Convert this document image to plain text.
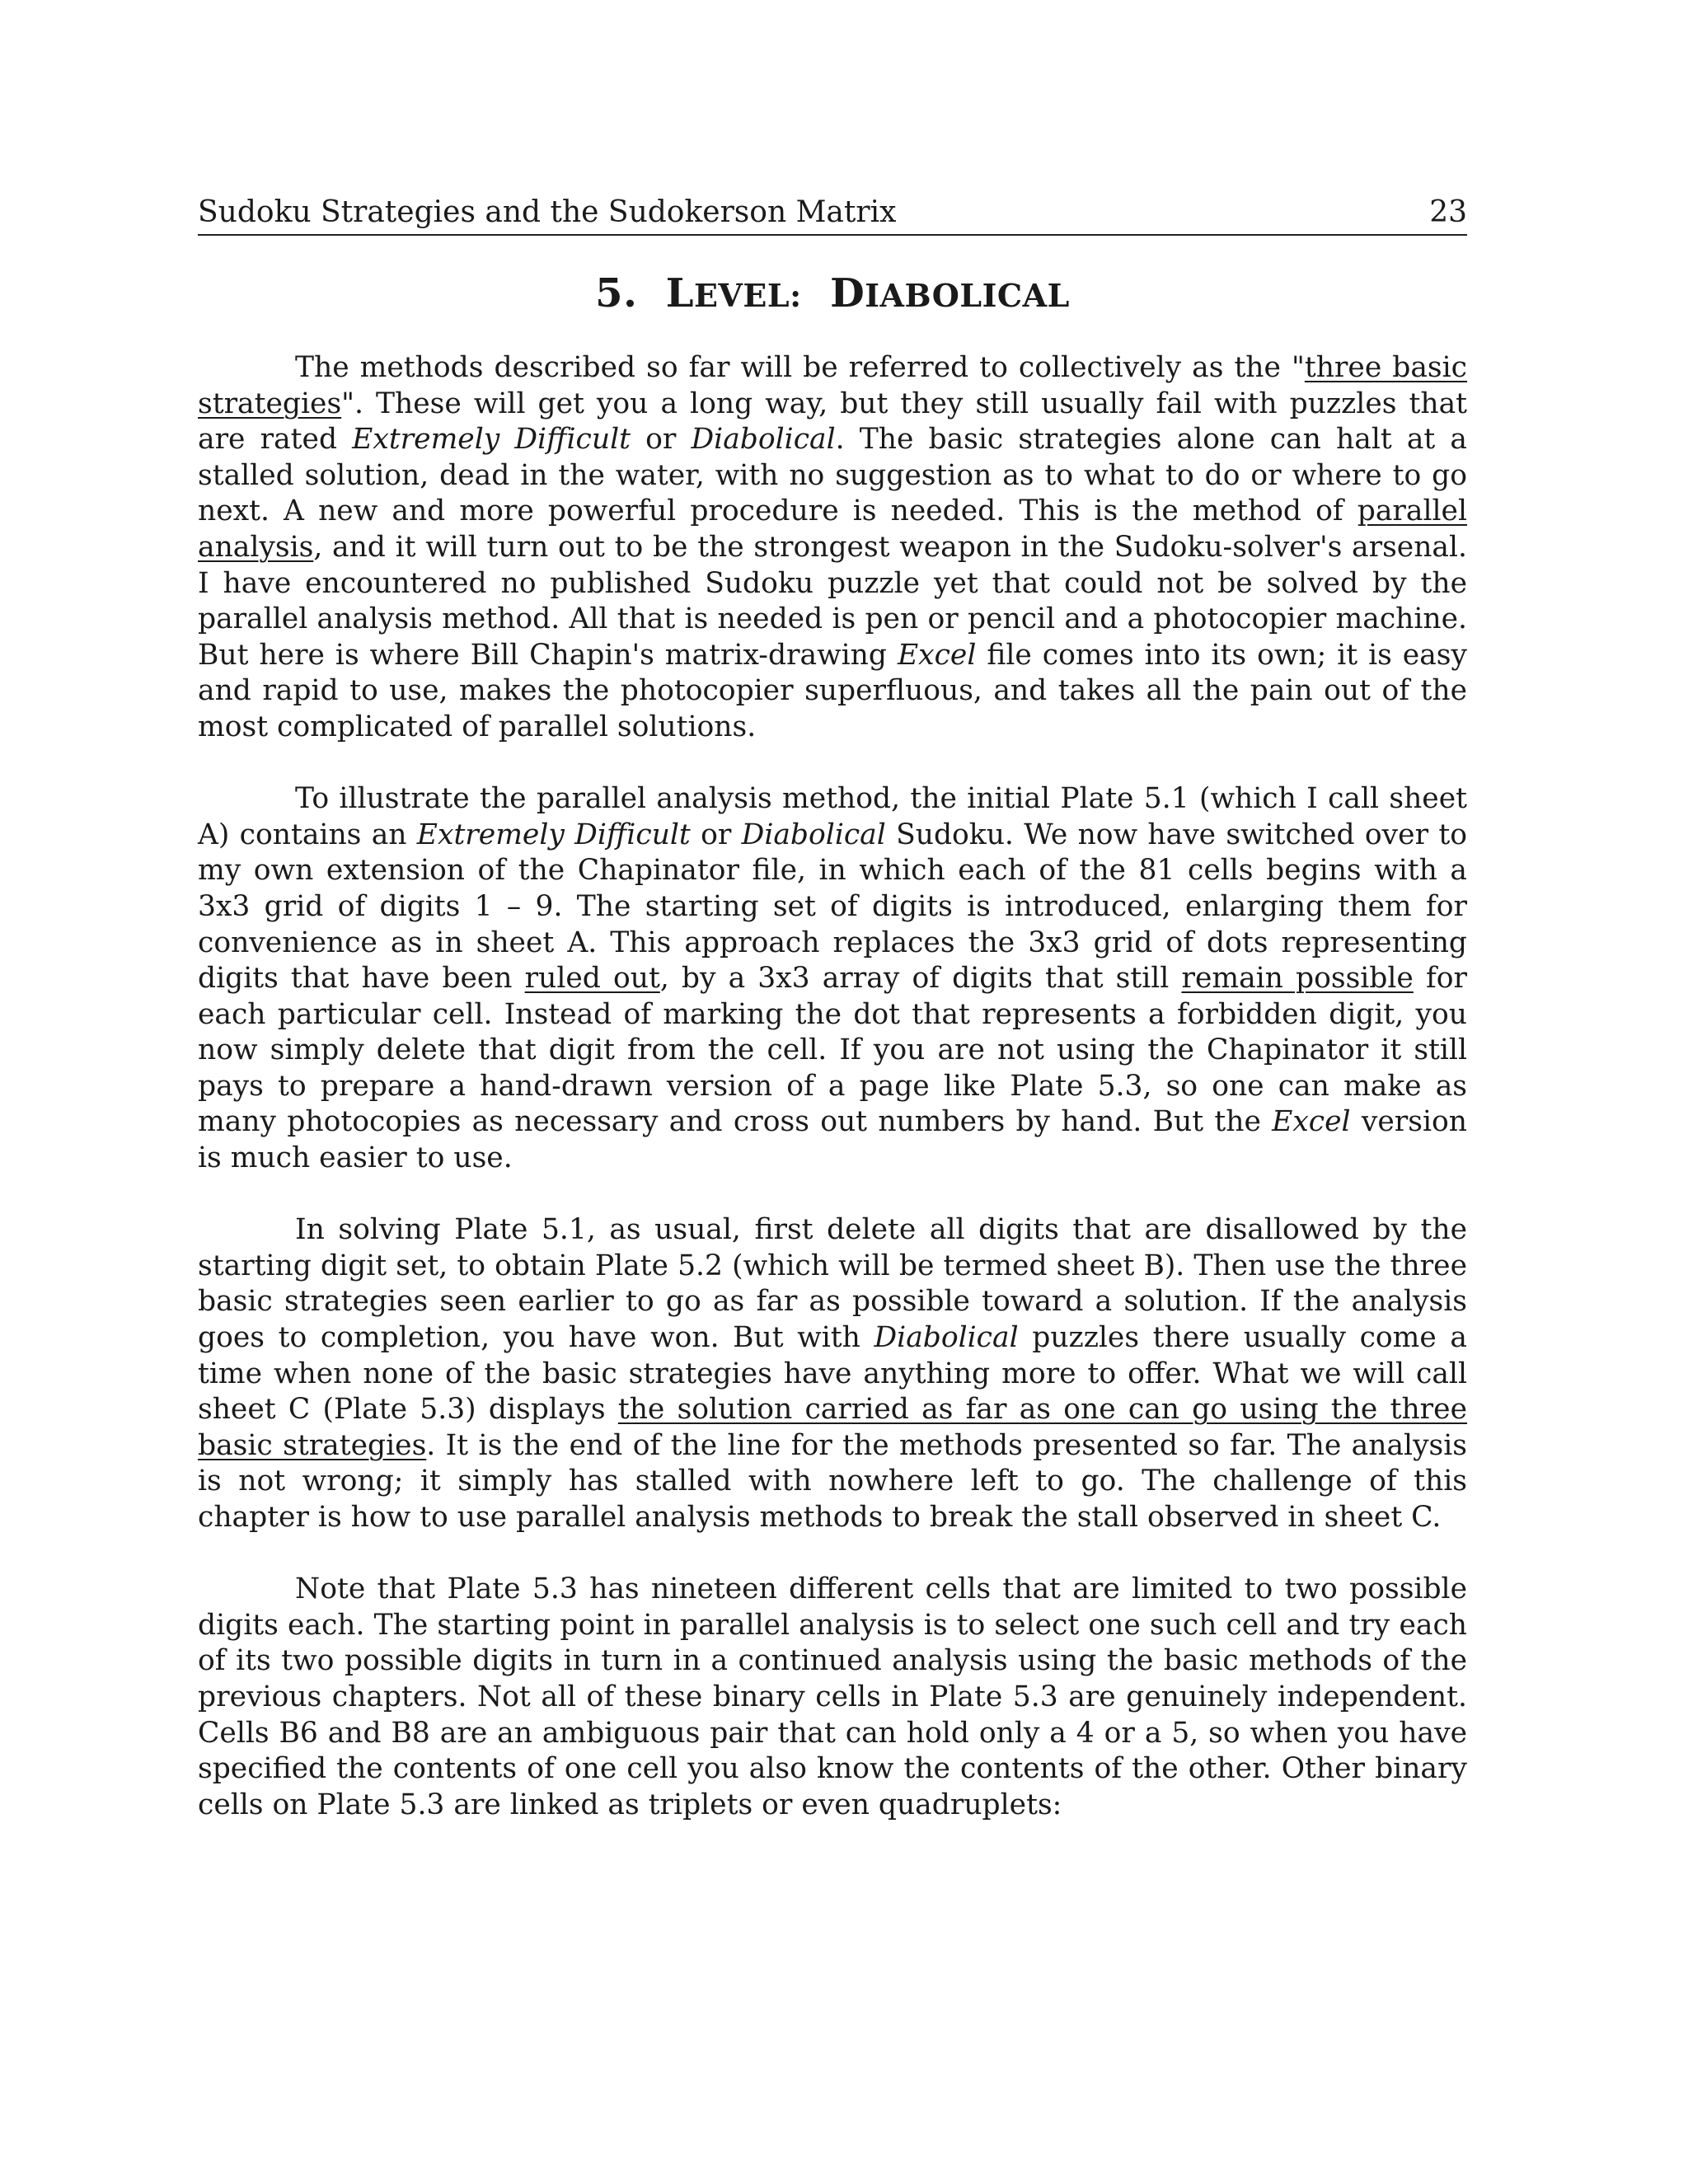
Sudoku Strategies and the Sudokerson Matrix	23
5. LEVEL: DIABOLICAL

The methods described so far will be referred to collectively as the "three basic strategies". These will get you a long way, but they still usually fail with puzzles that are rated Extremely Difficult or Diabolical. The basic strategies alone can halt at a stalled solution, dead in the water, with no suggestion as to what to do or where to go next. A new and more powerful procedure is needed. This is the method of parallel analysis, and it will turn out to be the strongest weapon in the Sudoku-solver's arsenal. I have encountered no published Sudoku puzzle yet that could not be solved by the parallel analysis method. All that is needed is pen or pencil and a photocopier machine. But here is where Bill Chapin's matrix-drawing Excel file comes into its own; it is easy and rapid to use, makes the photocopier superfluous, and takes all the pain out of the most complicated of parallel solutions.

To illustrate the parallel analysis method, the initial Plate 5.1 (which I call sheet A) contains an Extremely Difficult or Diabolical Sudoku. We now have switched over to my own extension of the Chapinator file, in which each of the 81 cells begins with a 3x3 grid of digits 1 – 9. The starting set of digits is introduced, enlarging them for convenience as in sheet A. This approach replaces the 3x3 grid of dots representing digits that have been ruled out, by a 3x3 array of digits that still remain possible for each particular cell. Instead of marking the dot that represents a forbidden digit, you now simply delete that digit from the cell. If you are not using the Chapinator it still pays to prepare a hand-drawn version of a page like Plate 5.3, so one can make as many photocopies as necessary and cross out numbers by hand. But the Excel version is much easier to use.

In solving Plate 5.1, as usual, first delete all digits that are disallowed by the starting digit set, to obtain Plate 5.2 (which will be termed sheet B). Then use the three basic strategies seen earlier to go as far as possible toward a solution. If the analysis goes to completion, you have won. But with Diabolical puzzles there usually come a time when none of the basic strategies have anything more to offer. What we will call sheet C (Plate 5.3) displays the solution carried as far as one can go using the three basic strategies. It is the end of the line for the methods presented so far. The analysis is not wrong; it simply has stalled with nowhere left to go. The challenge of this chapter is how to use parallel analysis methods to break the stall observed in sheet C.

Note that Plate 5.3 has nineteen different cells that are limited to two possible digits each. The starting point in parallel analysis is to select one such cell and try each of its two possible digits in turn in a continued analysis using the basic methods of the previous chapters. Not all of these binary cells in Plate 5.3 are genuinely independent. Cells B6 and B8 are an ambiguous pair that can hold only a 4 or a 5, so when you have specified the contents of one cell you also know the contents of the other. Other binary cells on Plate 5.3 are linked as triplets or even quadruplets:
